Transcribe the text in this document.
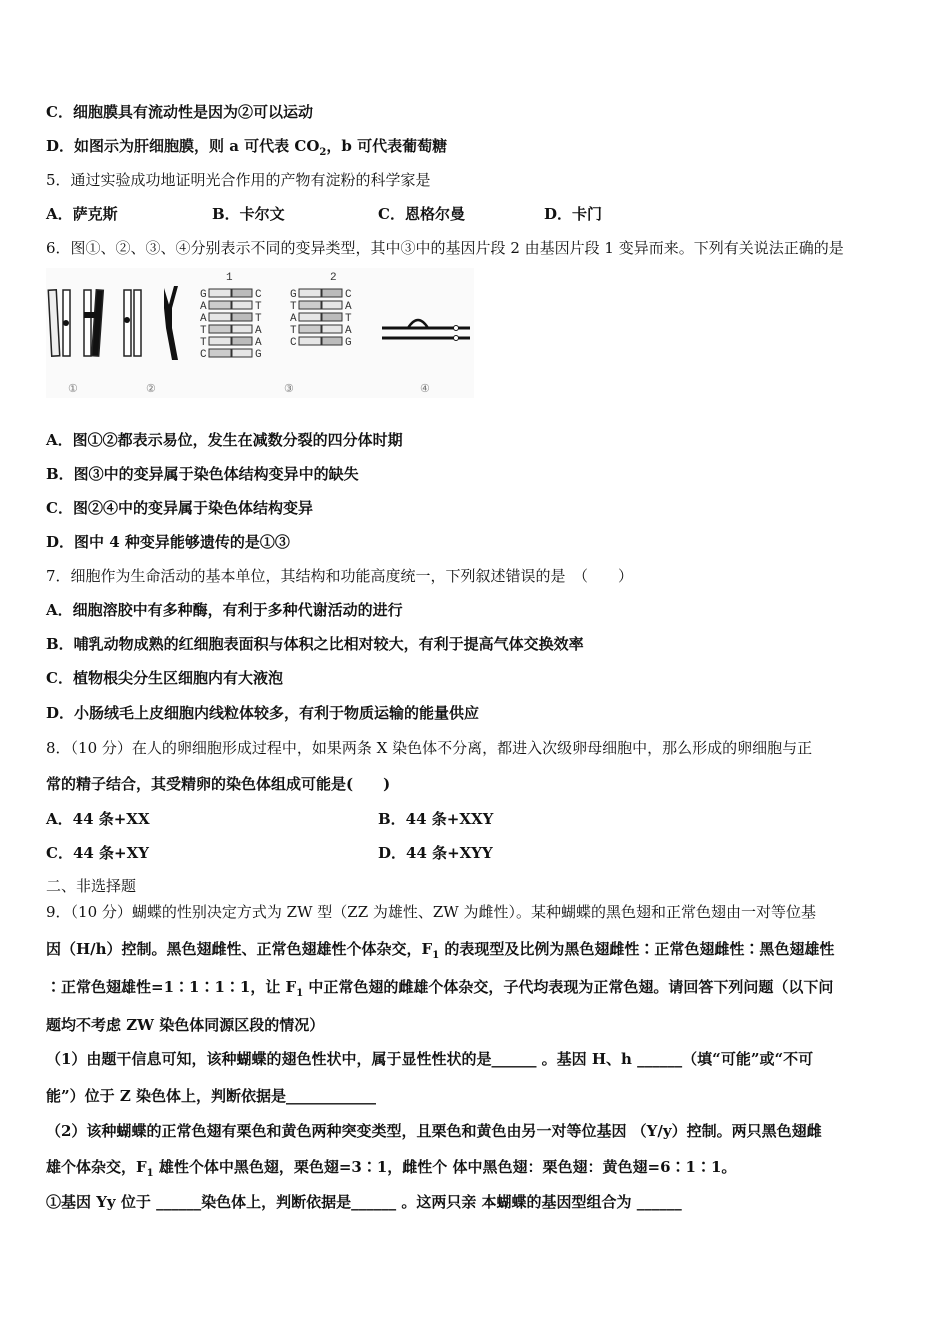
C．细胞膜具有流动性是因为②可以运动
D．如图示为肝细胞膜，则 a 可代表 $CO_2$，b 可代表葡萄糖
5．通过实验成功地证明光合作用的产物有淀粉的科学家是
A．萨克斯	B．卡尔文	C．恩格尔曼	D．卡门
6．图①、②、③、④分别表示不同的变异类型，其中③中的基因片段 2 由基因片段 1 变异而来。下列有关说法正确的是
1	2
G	C
A	T
A	T
T	A
T	A
C	G
G	C
T	A
A	T
T	A
C	G
①	②	③	④
A．图①②都表示易位，发生在减数分裂的四分体时期
B．图③中的变异属于染色体结构变异中的缺失
C．图②④中的变异属于染色体结构变异
D．图中 4 种变异能够遗传的是①③
7．细胞作为生命活动的基本单位，其结构和功能高度统一，下列叙述错误的是　（　　）
A．细胞溶胶中有多种酶，有利于多种代谢活动的进行
B．哺乳动物成熟的红细胞表面积与体积之比相对较大，有利于提高气体交换效率
C．植物根尖分生区细胞内有大液泡
D．小肠绒毛上皮细胞内线粒体较多，有利于物质运输的能量供应
8．（10 分）在人的卵细胞形成过程中，如果两条 X 染色体不分离，都进入次级卵母细胞中，那么形成的卵细胞与正
常的精子结合，其受精卵的染色体组成可能是(　　)
A．44 条+XX	B．44 条+XXY
C．44 条+XY	D．44 条+XYY
二、非选择题
9．（10 分）蝴蝶的性别决定方式为 ZW 型（ZZ 为雄性、ZW 为雌性）。某种蝴蝶的黑色翅和正常色翅由一对等位基
因（H/h）控制。黑色翅雌性、正常色翅雄性个体杂交，$F_1$ 的表现型及比例为黑色翅雌性∶正常色翅雌性∶黑色翅雄性
∶正常色翅雄性=1∶1∶1∶1，让 $F_1$ 中正常色翅的雌雄个体杂交，子代均表现为正常色翅。请回答下列问题（以下问
题均不考虑 ZW 染色体同源区段的情况）
（1）由题干信息可知，该种蝴蝶的翅色性状中，属于显性性状的是______ 。基因 H、h ______（填“可能”或“不可
能”）位于 Z 染色体上，判断依据是____________
（2）该种蝴蝶的正常色翅有栗色和黄色两种突变类型，且栗色和黄色由另一对等位基因 （Y/y）控制。两只黑色翅雌
雄个体杂交，$F_1$ 雄性个体中黑色翅，栗色翅=3∶1，雌性个 体中黑色翅：栗色翅：黄色翅=6∶1∶1。
①基因 Yy 位于 ______染色体上，判断依据是______ 。这两只亲 本蝴蝶的基因型组合为 ______
